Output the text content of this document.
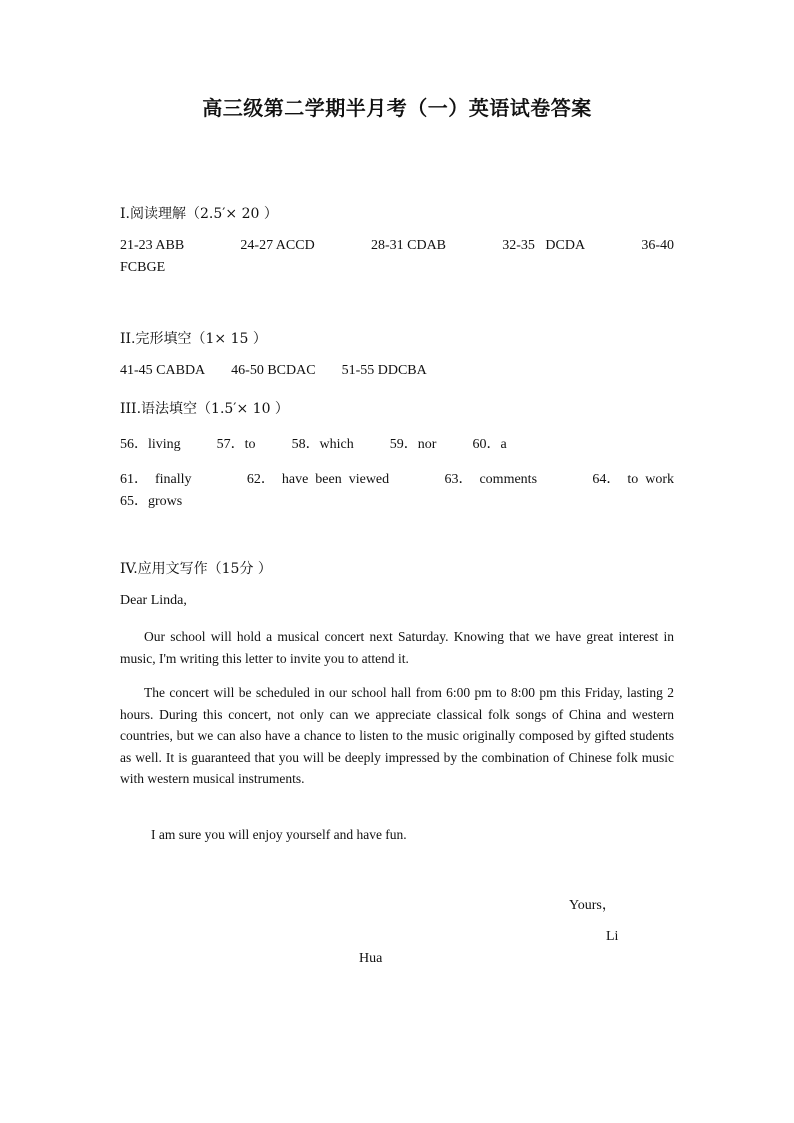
高三级第二学期半月考（一）英语试卷答案
I.阅读理解（2.5′× 20 ）
21-23 ABB	24-27 ACCD	28-31 CDAB	32-35   DCDA	36-40
FCBGE
II.完形填空（1× 15 ）
41-45 CABDA 46-50 BCDAC 51-55 DDCBA
III.语法填空（1.5′× 10 ）
56．living	57．to	58．which	59．nor	60．a
61．  finally	62．  have  been  viewed	63．  comments	64．  to  work
65．grows
IV.应用文写作（15分 ）
Dear Linda,
Our school will hold a musical concert next Saturday. Knowing that we have great interest in music, I'm writing this letter to invite you to attend it.
The concert will be scheduled in our school hall from 6:00 pm to 8:00 pm this Friday, lasting 2 hours. During this concert, not only can we appreciate classical folk songs of China and western countries, but we can also have a chance to listen to the music originally composed by gifted students as well. It is guaranteed that you will be deeply impressed by the combination of Chinese folk music with western musical instruments.
I am sure you will enjoy yourself and have fun.
Yours，
Li
Hua
